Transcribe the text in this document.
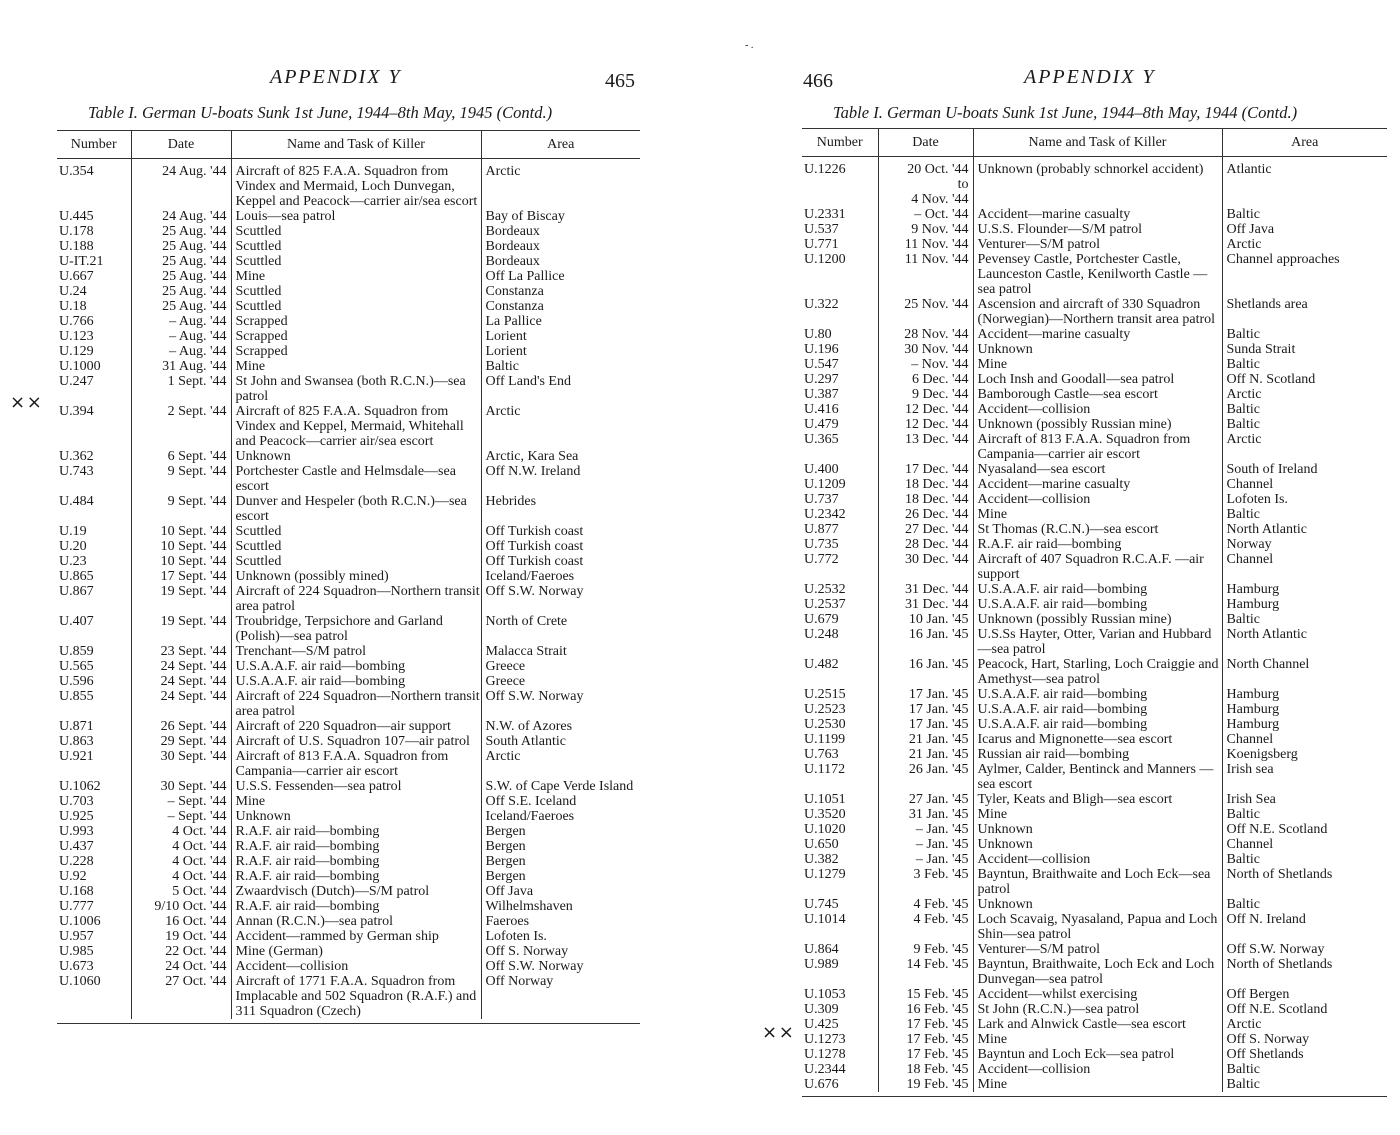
- .
APPENDIX Y	465
Table I. German U-boats Sunk 1st June, 1944–8th May, 1945 (Contd.)
× ×
Number	Date	Name and Task of Killer	Area
U.354	24 Aug. '44	Aircraft of 825 F.A.A. Squadron from Vindex and Mermaid, Loch Dunvegan, Keppel and Peacock—carrier air/sea escort	Arctic
U.445	24 Aug. '44	Louis—sea patrol	Bay of Biscay
U.178	25 Aug. '44	Scuttled	Bordeaux
U.188	25 Aug. '44	Scuttled	Bordeaux
U-IT.21	25 Aug. '44	Scuttled	Bordeaux
U.667	25 Aug. '44	Mine	Off La Pallice
U.24	25 Aug. '44	Scuttled	Constanza
U.18	25 Aug. '44	Scuttled	Constanza
U.766	– Aug. '44	Scrapped	La Pallice
U.123	– Aug. '44	Scrapped	Lorient
U.129	– Aug. '44	Scrapped	Lorient
U.1000	31 Aug. '44	Mine	Baltic
U.247	1 Sept. '44	St John and Swansea (both R.C.N.)—sea patrol	Off Land's End
U.394	2 Sept. '44	Aircraft of 825 F.A.A. Squadron from Vindex and Keppel, Mermaid, Whitehall and Peacock—carrier air/sea escort	Arctic
U.362	6 Sept. '44	Unknown	Arctic, Kara Sea
U.743	9 Sept. '44	Portchester Castle and Helmsdale—sea escort	Off N.W. Ireland
U.484	9 Sept. '44	Dunver and Hespeler (both R.C.N.)—sea escort	Hebrides
U.19	10 Sept. '44	Scuttled	Off Turkish coast
U.20	10 Sept. '44	Scuttled	Off Turkish coast
U.23	10 Sept. '44	Scuttled	Off Turkish coast
U.865	17 Sept. '44	Unknown (possibly mined)	Iceland/Faeroes
U.867	19 Sept. '44	Aircraft of 224 Squadron—Northern transit area patrol	Off S.W. Norway
U.407	19 Sept. '44	Troubridge, Terpsichore and Garland (Polish)—sea patrol	North of Crete
U.859	23 Sept. '44	Trenchant—S/M patrol	Malacca Strait
U.565	24 Sept. '44	U.S.A.A.F. air raid—bombing	Greece
U.596	24 Sept. '44	U.S.A.A.F. air raid—bombing	Greece
U.855	24 Sept. '44	Aircraft of 224 Squadron—Northern transit area patrol	Off S.W. Norway
U.871	26 Sept. '44	Aircraft of 220 Squadron—air support	N.W. of Azores
U.863	29 Sept. '44	Aircraft of U.S. Squadron 107—air patrol	South Atlantic
U.921	30 Sept. '44	Aircraft of 813 F.A.A. Squadron from Campania—carrier air escort	Arctic
U.1062	30 Sept. '44	U.S.S. Fessenden—sea patrol	S.W. of Cape Verde Island
U.703	– Sept. '44	Mine	Off S.E. Iceland
U.925	– Sept. '44	Unknown	Iceland/Faeroes
U.993	4 Oct. '44	R.A.F. air raid—bombing	Bergen
U.437	4 Oct. '44	R.A.F. air raid—bombing	Bergen
U.228	4 Oct. '44	R.A.F. air raid—bombing	Bergen
U.92	4 Oct. '44	R.A.F. air raid—bombing	Bergen
U.168	5 Oct. '44	Zwaardvisch (Dutch)—S/M patrol	Off Java
U.777	9/10 Oct. '44	R.A.F. air raid—bombing	Wilhelmshaven
U.1006	16 Oct. '44	Annan (R.C.N.)—sea patrol	Faeroes
U.957	19 Oct. '44	Accident—rammed by German ship	Lofoten Is.
U.985	22 Oct. '44	Mine (German)	Off S. Norway
U.673	24 Oct. '44	Accident—collision	Off S.W. Norway
U.1060	27 Oct. '44	Aircraft of 1771 F.A.A. Squadron from Implacable and 502 Squadron (R.A.F.) and 311 Squadron (Czech)	Off Norway
466	APPENDIX Y
Table I. German U-boats Sunk 1st June, 1944–8th May, 1944 (Contd.)
× ×
Number	Date	Name and Task of Killer	Area
U.1226	20 Oct. '44
to
4 Nov. '44	Unknown (probably schnorkel accident)	Atlantic
U.2331	– Oct. '44	Accident—marine casualty	Baltic
U.537	9 Nov. '44	U.S.S. Flounder—S/M patrol	Off Java
U.771	11 Nov. '44	Venturer—S/M patrol	Arctic
U.1200	11 Nov. '44	Pevensey Castle, Portchester Castle, Launceston Castle, Kenilworth Castle —sea patrol	Channel approaches
U.322	25 Nov. '44	Ascension and aircraft of 330 Squadron (Norwegian)—Northern transit area patrol	Shetlands area
U.80	28 Nov. '44	Accident—marine casualty	Baltic
U.196	30 Nov. '44	Unknown	Sunda Strait
U.547	– Nov. '44	Mine	Baltic
U.297	6 Dec. '44	Loch Insh and Goodall—sea patrol	Off N. Scotland
U.387	9 Dec. '44	Bamborough Castle—sea escort	Arctic
U.416	12 Dec. '44	Accident—collision	Baltic
U.479	12 Dec. '44	Unknown (possibly Russian mine)	Baltic
U.365	13 Dec. '44	Aircraft of 813 F.A.A. Squadron from Campania—carrier air escort	Arctic
U.400	17 Dec. '44	Nyasaland—sea escort	South of Ireland
U.1209	18 Dec. '44	Accident—marine casualty	Channel
U.737	18 Dec. '44	Accident—collision	Lofoten Is.
U.2342	26 Dec. '44	Mine	Baltic
U.877	27 Dec. '44	St Thomas (R.C.N.)—sea escort	North Atlantic
U.735	28 Dec. '44	R.A.F. air raid—bombing	Norway
U.772	30 Dec. '44	Aircraft of 407 Squadron R.C.A.F. —air support	Channel
U.2532	31 Dec. '44	U.S.A.A.F. air raid—bombing	Hamburg
U.2537	31 Dec. '44	U.S.A.A.F. air raid—bombing	Hamburg
U.679	10 Jan. '45	Unknown (possibly Russian mine)	Baltic
U.248	16 Jan. '45	U.S.Ss Hayter, Otter, Varian and Hubbard—sea patrol	North Atlantic
U.482	16 Jan. '45	Peacock, Hart, Starling, Loch Craiggie and Amethyst—sea patrol	North Channel
U.2515	17 Jan. '45	U.S.A.A.F. air raid—bombing	Hamburg
U.2523	17 Jan. '45	U.S.A.A.F. air raid—bombing	Hamburg
U.2530	17 Jan. '45	U.S.A.A.F. air raid—bombing	Hamburg
U.1199	21 Jan. '45	Icarus and Mignonette—sea escort	Channel
U.763	21 Jan. '45	Russian air raid—bombing	Koenigsberg
U.1172	26 Jan. '45	Aylmer, Calder, Bentinck and Manners —sea escort	Irish sea
U.1051	27 Jan. '45	Tyler, Keats and Bligh—sea escort	Irish Sea
U.3520	31 Jan. '45	Mine	Baltic
U.1020	– Jan. '45	Unknown	Off N.E. Scotland
U.650	– Jan. '45	Unknown	Channel
U.382	– Jan. '45	Accident—collision	Baltic
U.1279	3 Feb. '45	Bayntun, Braithwaite and Loch Eck—sea patrol	North of Shetlands
U.745	4 Feb. '45	Unknown	Baltic
U.1014	4 Feb. '45	Loch Scavaig, Nyasaland, Papua and Loch Shin—sea patrol	Off N. Ireland
U.864	9 Feb. '45	Venturer—S/M patrol	Off S.W. Norway
U.989	14 Feb. '45	Bayntun, Braithwaite, Loch Eck and Loch Dunvegan—sea patrol	North of Shetlands
U.1053	15 Feb. '45	Accident—whilst exercising	Off Bergen
U.309	16 Feb. '45	St John (R.C.N.)—sea patrol	Off N.E. Scotland
U.425	17 Feb. '45	Lark and Alnwick Castle—sea escort	Arctic
U.1273	17 Feb. '45	Mine	Off S. Norway
U.1278	17 Feb. '45	Bayntun and Loch Eck—sea patrol	Off Shetlands
U.2344	18 Feb. '45	Accident—collision	Baltic
U.676	19 Feb. '45	Mine	Baltic
